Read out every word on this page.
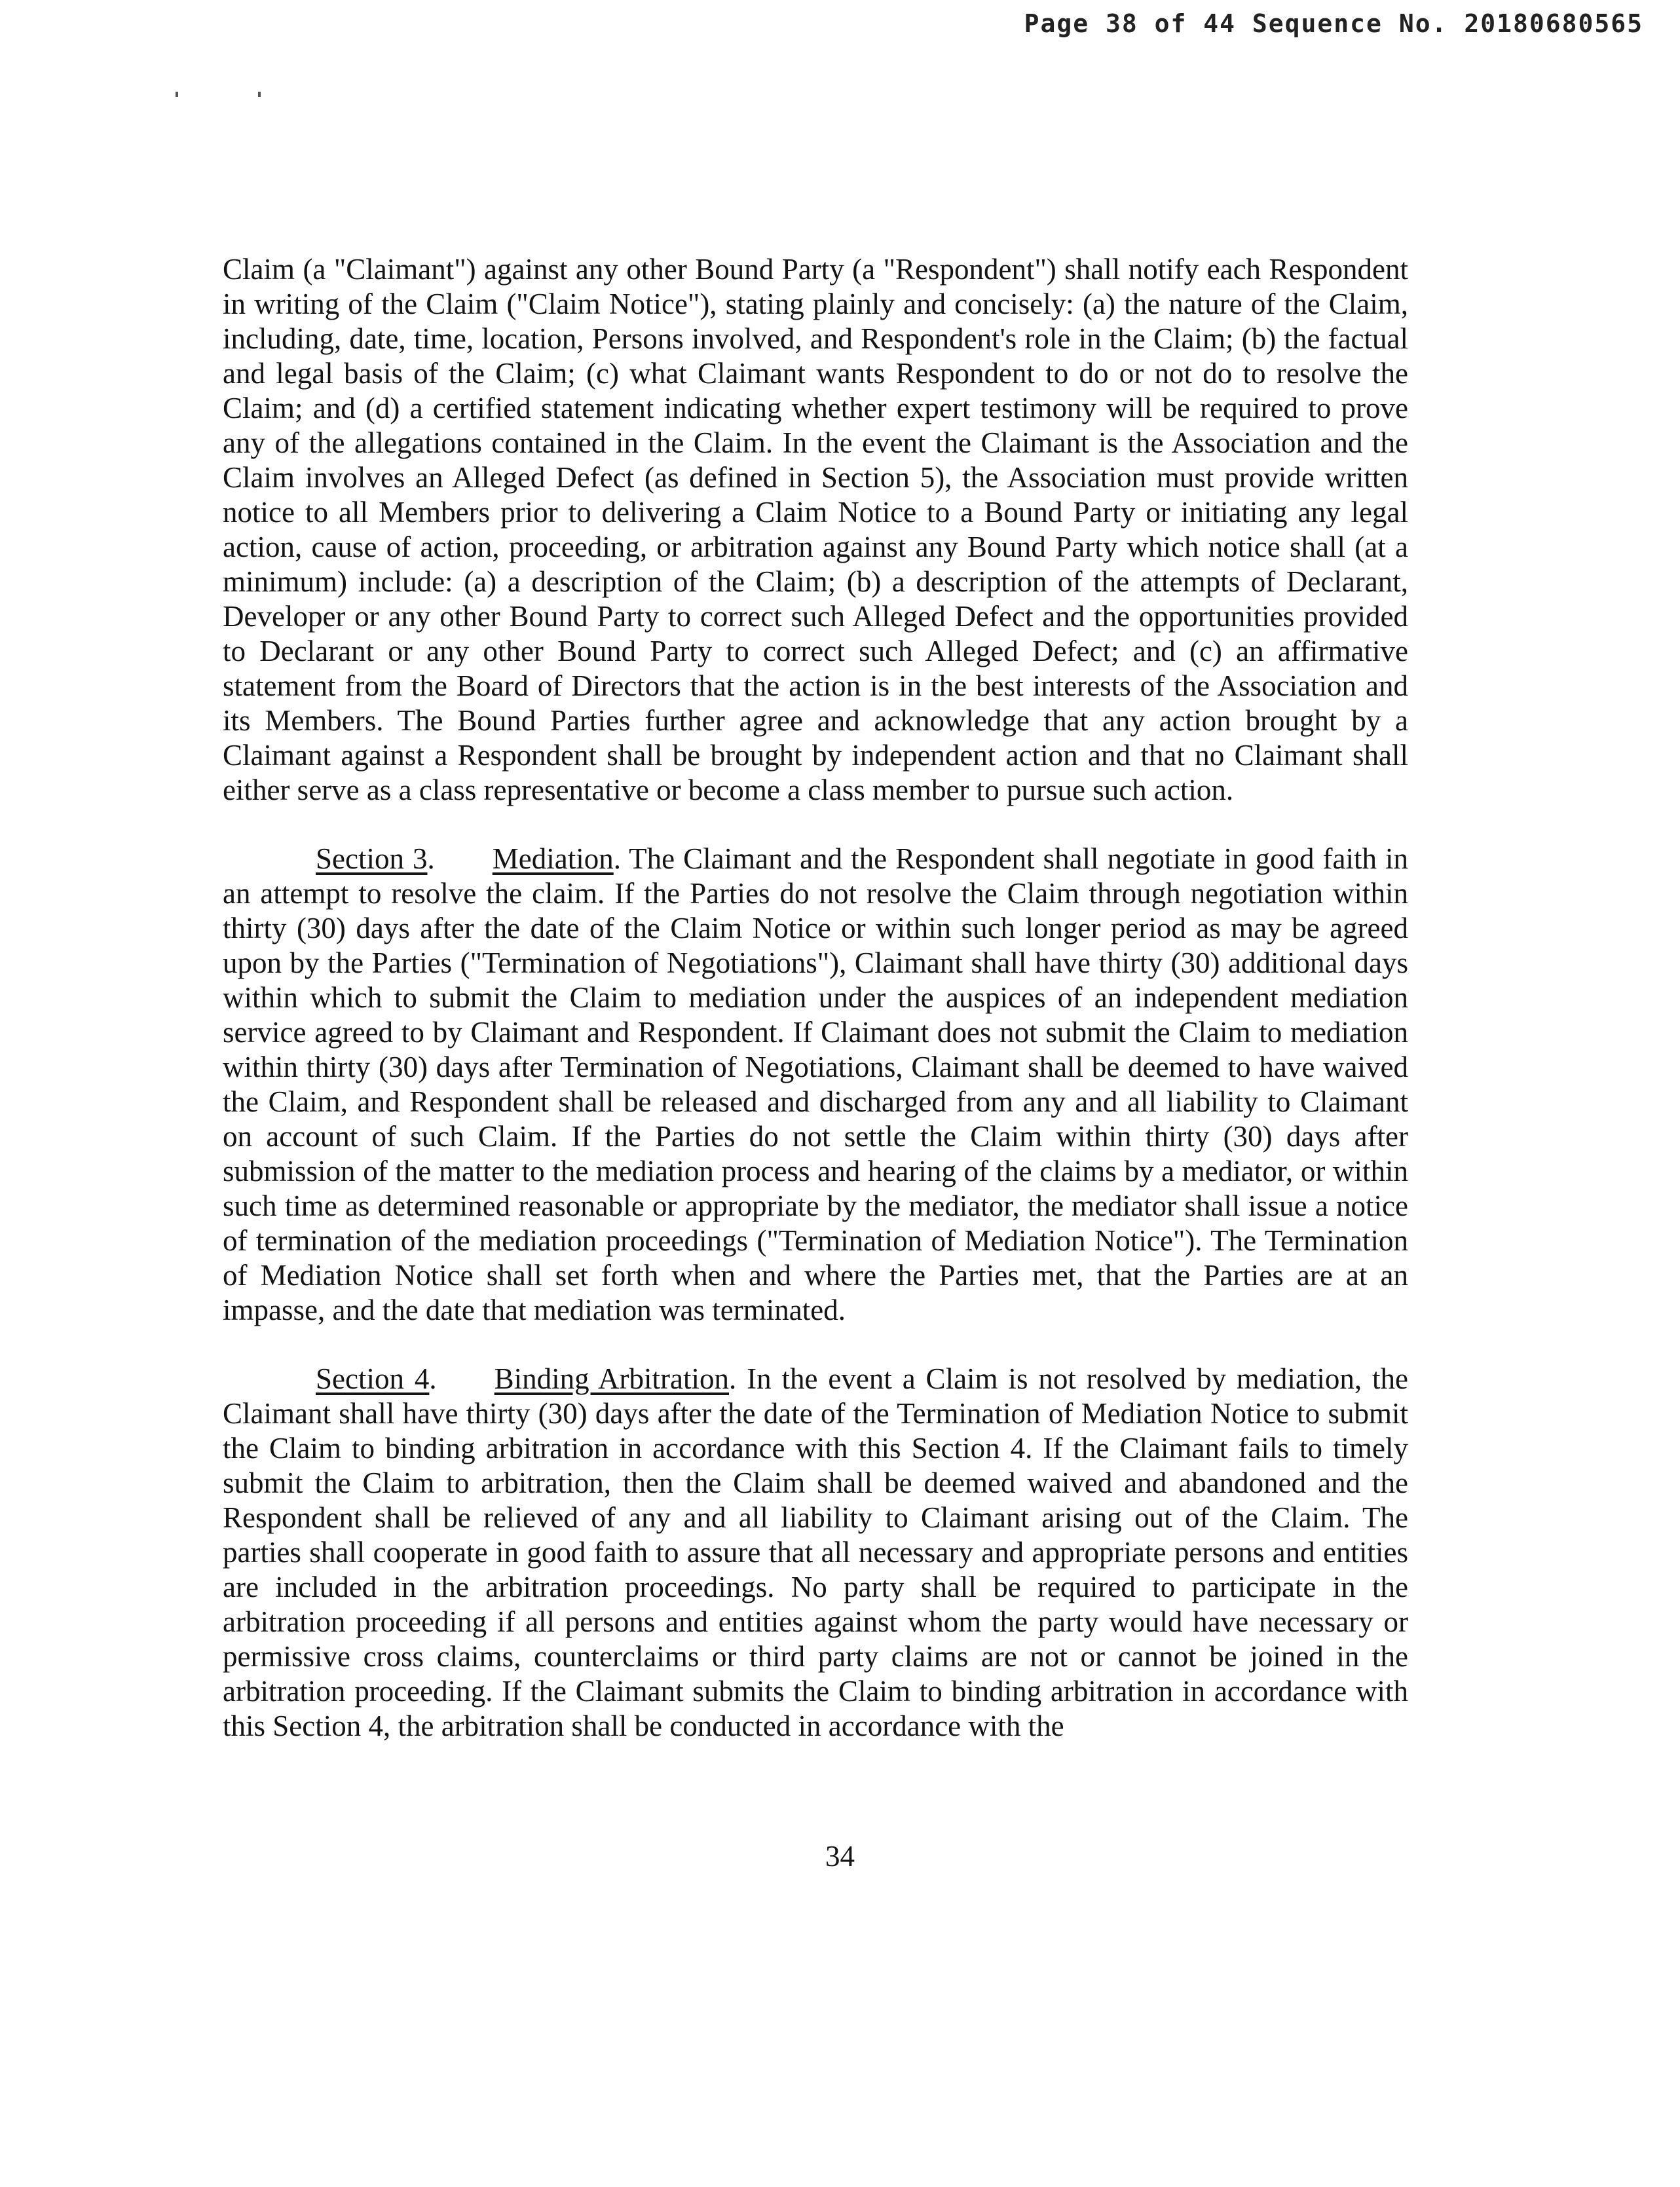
Page 38 of 44 Sequence No. 20180680565

Claim (a "Claimant") against any other Bound Party (a "Respondent") shall notify each Respondent in writing of the Claim ("Claim Notice"), stating plainly and concisely: (a) the nature of the Claim, including, date, time, location, Persons involved, and Respondent's role in the Claim; (b) the factual and legal basis of the Claim; (c) what Claimant wants Respondent to do or not do to resolve the Claim; and (d) a certified statement indicating whether expert testimony will be required to prove any of the allegations contained in the Claim. In the event the Claimant is the Association and the Claim involves an Alleged Defect (as defined in Section 5), the Association must provide written notice to all Members prior to delivering a Claim Notice to a Bound Party or initiating any legal action, cause of action, proceeding, or arbitration against any Bound Party which notice shall (at a minimum) include: (a) a description of the Claim; (b) a description of the attempts of Declarant, Developer or any other Bound Party to correct such Alleged Defect and the opportunities provided to Declarant or any other Bound Party to correct such Alleged Defect; and (c) an affirmative statement from the Board of Directors that the action is in the best interests of the Association and its Members. The Bound Parties further agree and acknowledge that any action brought by a Claimant against a Respondent shall be brought by independent action and that no Claimant shall either serve as a class representative or become a class member to pursue such action.

Section 3. Mediation. The Claimant and the Respondent shall negotiate in good faith in an attempt to resolve the claim. If the Parties do not resolve the Claim through negotiation within thirty (30) days after the date of the Claim Notice or within such longer period as may be agreed upon by the Parties ("Termination of Negotiations"), Claimant shall have thirty (30) additional days within which to submit the Claim to mediation under the auspices of an independent mediation service agreed to by Claimant and Respondent. If Claimant does not submit the Claim to mediation within thirty (30) days after Termination of Negotiations, Claimant shall be deemed to have waived the Claim, and Respondent shall be released and discharged from any and all liability to Claimant on account of such Claim. If the Parties do not settle the Claim within thirty (30) days after submission of the matter to the mediation process and hearing of the claims by a mediator, or within such time as determined reasonable or appropriate by the mediator, the mediator shall issue a notice of termination of the mediation proceedings ("Termination of Mediation Notice"). The Termination of Mediation Notice shall set forth when and where the Parties met, that the Parties are at an impasse, and the date that mediation was terminated.

Section 4. Binding Arbitration. In the event a Claim is not resolved by mediation, the Claimant shall have thirty (30) days after the date of the Termination of Mediation Notice to submit the Claim to binding arbitration in accordance with this Section 4. If the Claimant fails to timely submit the Claim to arbitration, then the Claim shall be deemed waived and abandoned and the Respondent shall be relieved of any and all liability to Claimant arising out of the Claim. The parties shall cooperate in good faith to assure that all necessary and appropriate persons and entities are included in the arbitration proceedings. No party shall be required to participate in the arbitration proceeding if all persons and entities against whom the party would have necessary or permissive cross claims, counterclaims or third party claims are not or cannot be joined in the arbitration proceeding. If the Claimant submits the Claim to binding arbitration in accordance with this Section 4, the arbitration shall be conducted in accordance with the

34
